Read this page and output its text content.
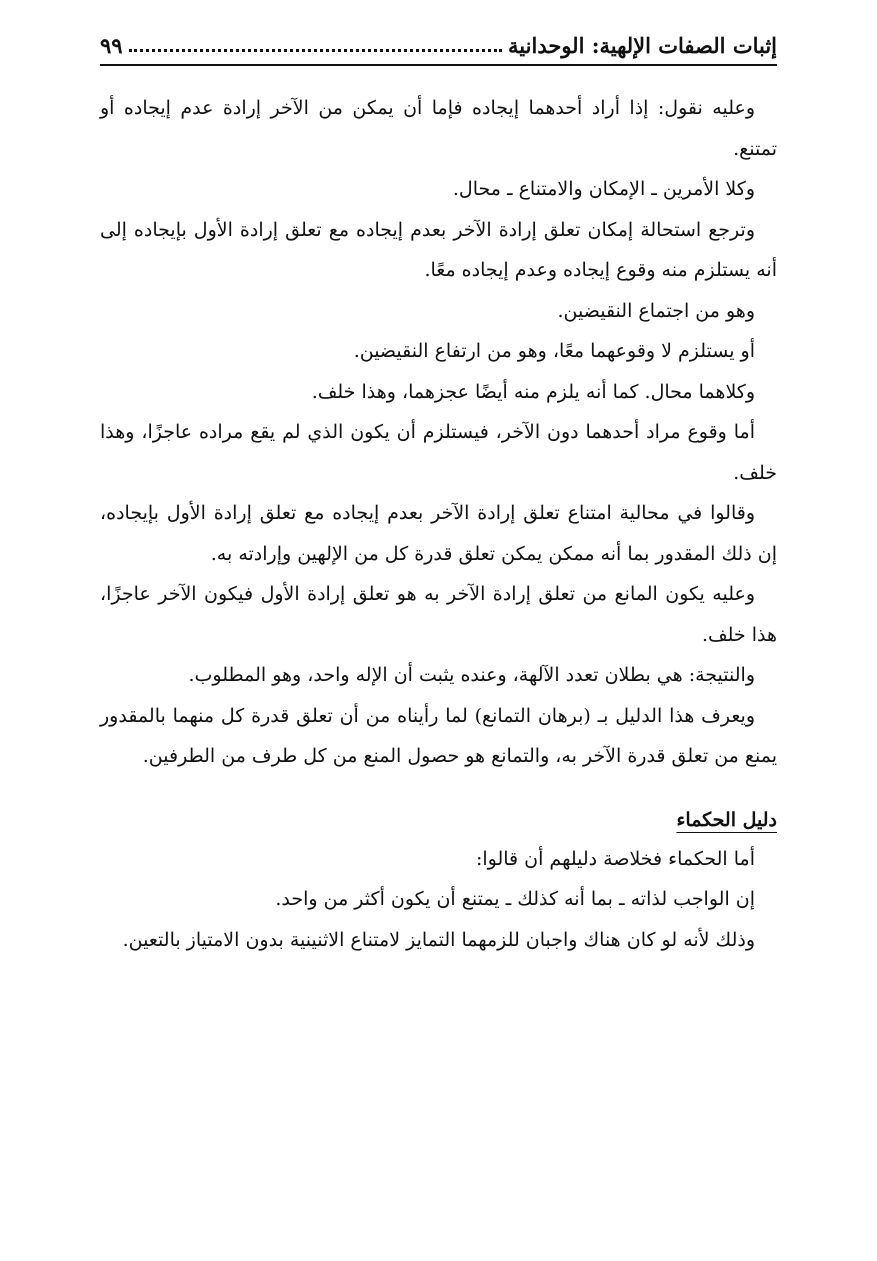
إثبات الصفات الإلهية: الوحدانية
٩٩

وعليه نقول: إذا أراد أحدهما إيجاده فإما أن يمكن من الآخر إرادة عدم إيجاده أو تمتنع.

وكلا الأمرين ـ الإمكان والامتناع ـ محال.

وترجع استحالة إمكان تعلق إرادة الآخر بعدم إيجاده مع تعلق إرادة الأول بإيجاده إلى أنه يستلزم منه وقوع إيجاده وعدم إيجاده معًا.

وهو من اجتماع النقيضين.

أو يستلزم لا وقوعهما معًا، وهو من ارتفاع النقيضين.

وكلاهما محال. كما أنه يلزم منه أيضًا عجزهما، وهذا خلف.

أما وقوع مراد أحدهما دون الآخر، فيستلزم أن يكون الذي لم يقع مراده عاجزًا، وهذا خلف.

وقالوا في محالية امتناع تعلق إرادة الآخر بعدم إيجاده مع تعلق إرادة الأول بإيجاده، إن ذلك المقدور بما أنه ممكن يمكن تعلق قدرة كل من الإلهين وإرادته به.

وعليه يكون المانع من تعلق إرادة الآخر به هو تعلق إرادة الأول فيكون الآخر عاجزًا، هذا خلف.

والنتيجة: هي بطلان تعدد الآلهة، وعنده يثبت أن الإله واحد، وهو المطلوب.

ويعرف هذا الدليل بـ (برهان التمانع) لما رأيناه من أن تعلق قدرة كل منهما بالمقدور يمنع من تعلق قدرة الآخر به، والتمانع هو حصول المنع من كل طرف من الطرفين.

دليل الحكماء

أما الحكماء فخلاصة دليلهم أن قالوا:

إن الواجب لذاته ـ بما أنه كذلك ـ يمتنع أن يكون أكثر من واحد.

وذلك لأنه لو كان هناك واجبان للزمهما التمايز لامتناع الاثنينية بدون الامتياز بالتعين.
